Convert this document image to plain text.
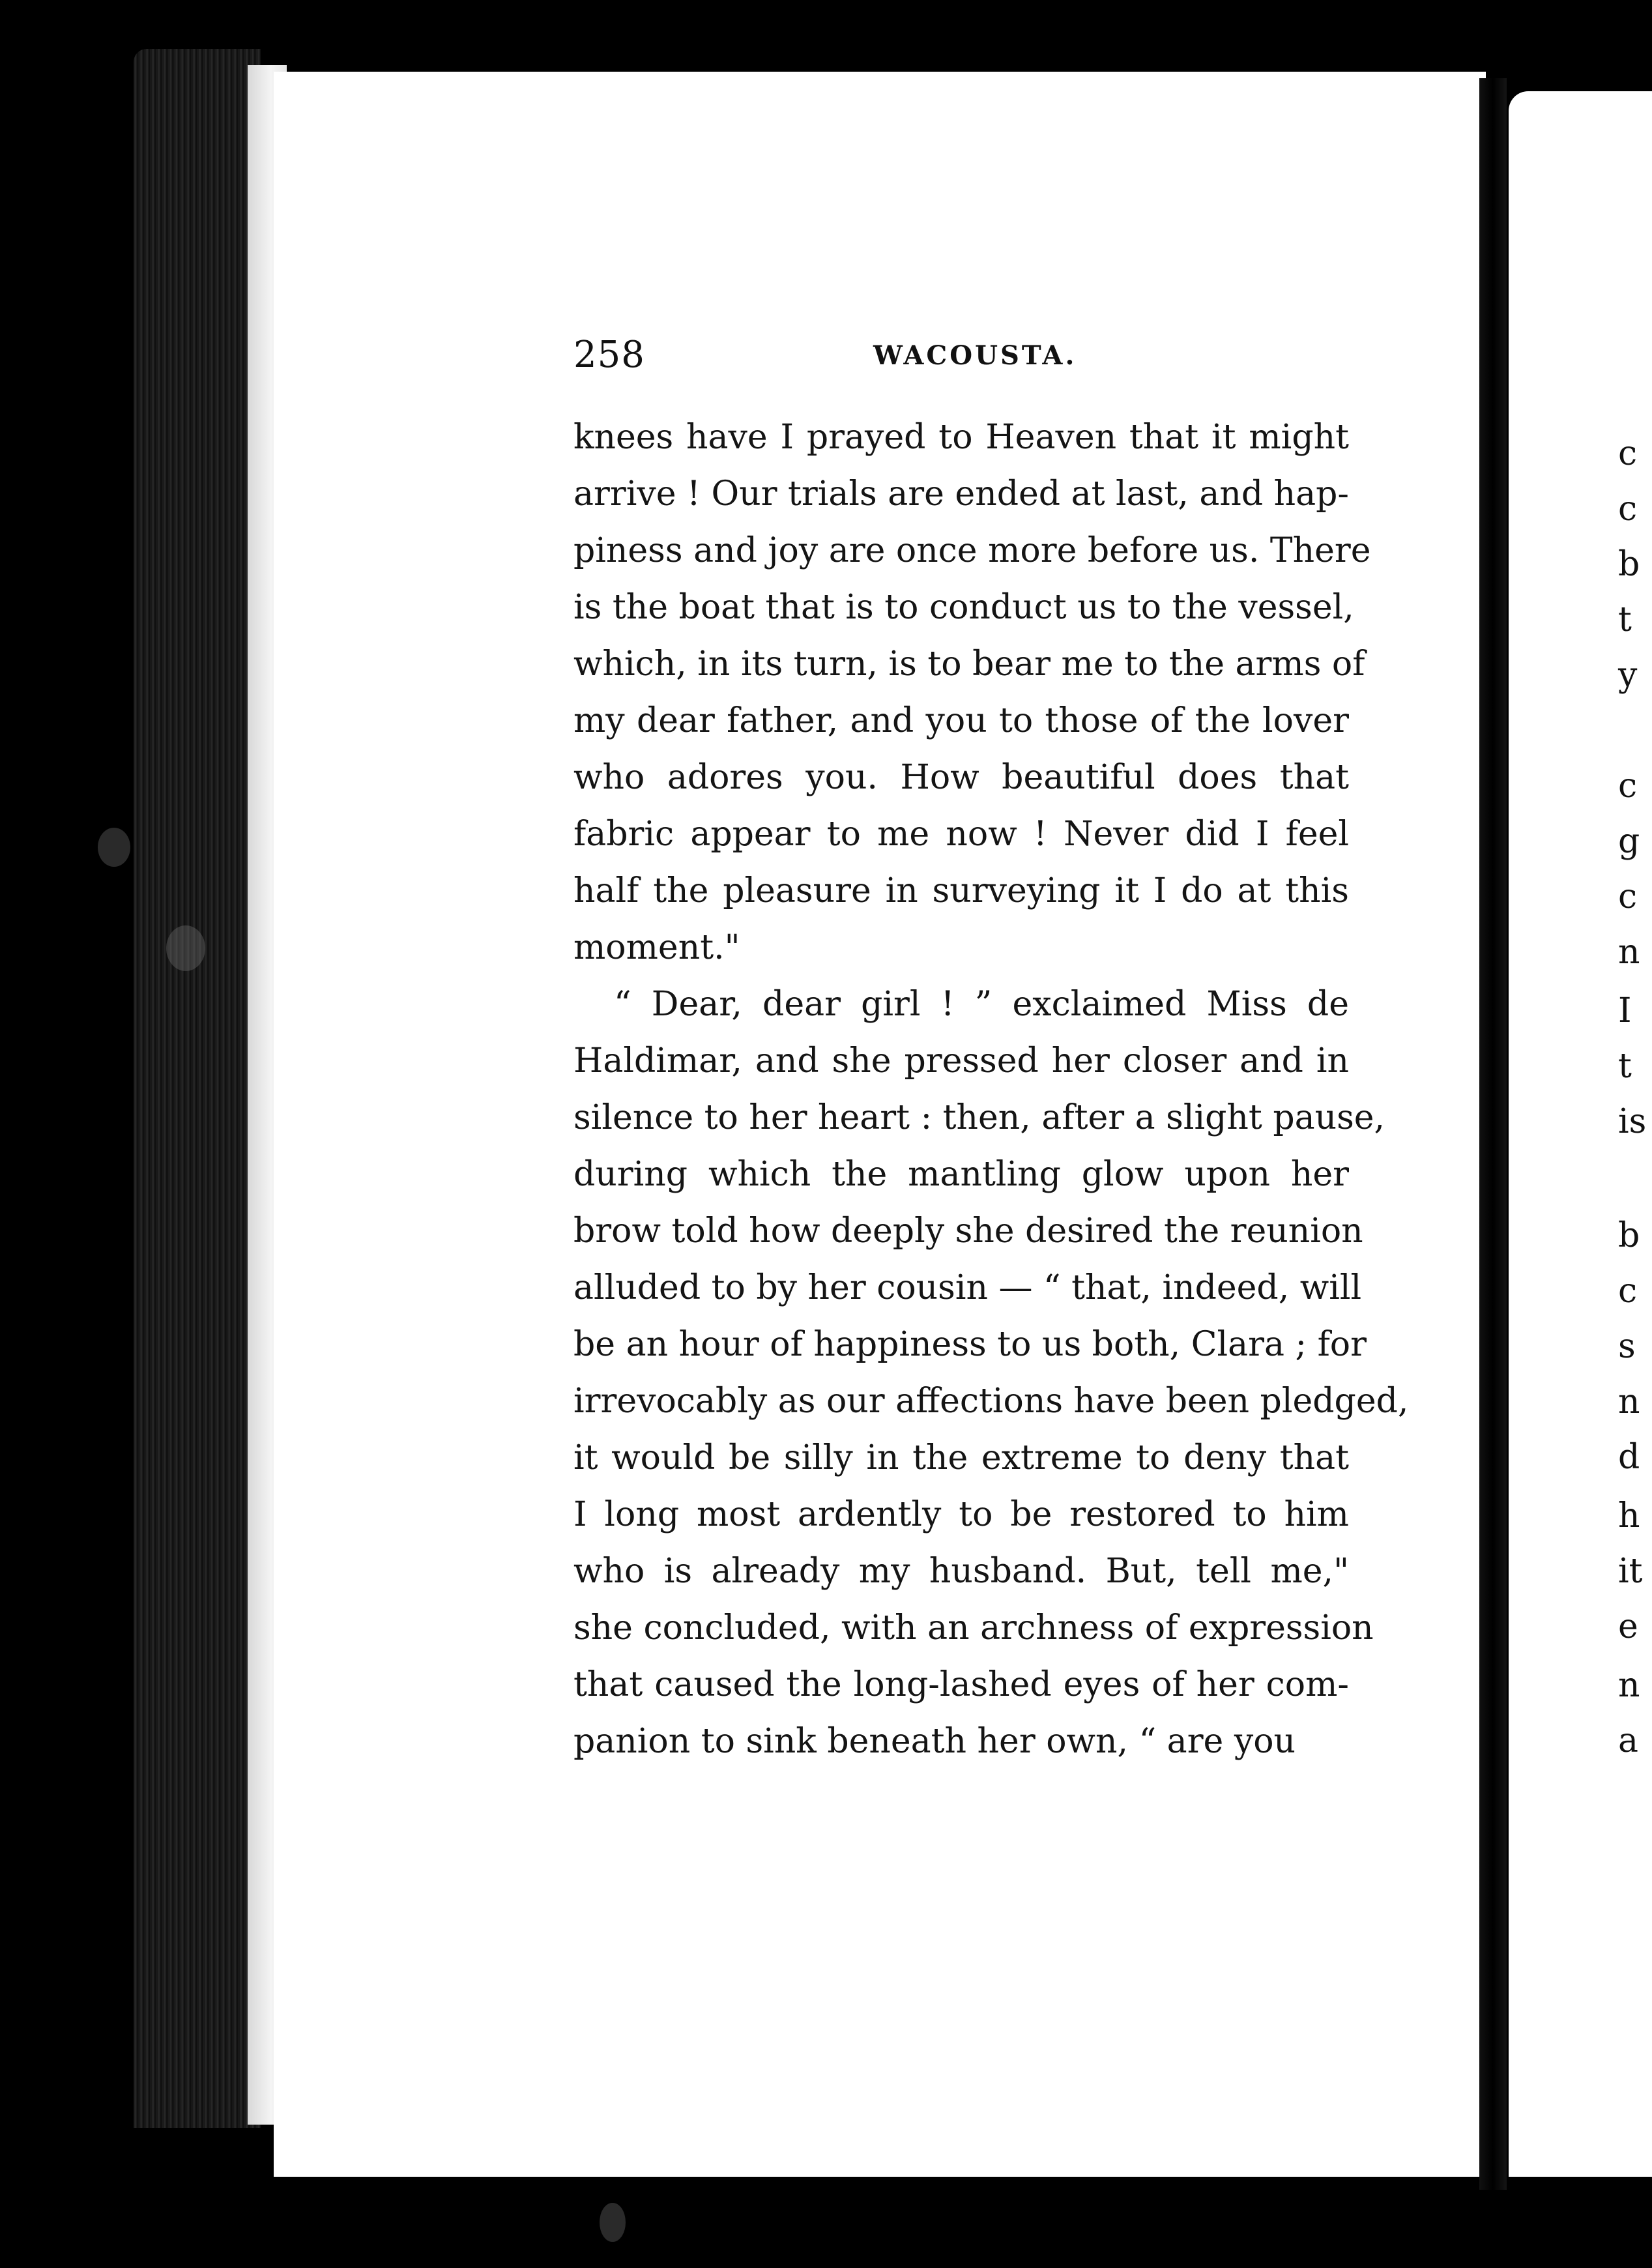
c
c
b
t
y
c
g
c
n
I
t
is
b
c
s
n
d
h
it
e
n
a
258	WACOUSTA.
knees have I prayed to Heaven that it might
arrive ! Our trials are ended at last, and hap-
piness and joy are once more before us. There
is the boat that is to conduct us to the vessel,
which, in its turn, is to bear me to the arms of
my dear father, and you to those of the lover
who adores you. How beautiful does that
fabric appear to me now ! Never did I feel
half the pleasure in surveying it I do at this
moment."
“ Dear, dear girl ! ” exclaimed Miss de
Haldimar, and she pressed her closer and in
silence to her heart : then, after a slight pause,
during which the mantling glow upon her
brow told how deeply she desired the reunion
alluded to by her cousin — “ that, indeed, will
be an hour of happiness to us both, Clara ; for
irrevocably as our affections have been pledged,
it would be silly in the extreme to deny that
I long most ardently to be restored to him
who is already my husband. But, tell me,"
she concluded, with an archness of expression
that caused the long-lashed eyes of her com-
panion to sink beneath her own, “ are you
